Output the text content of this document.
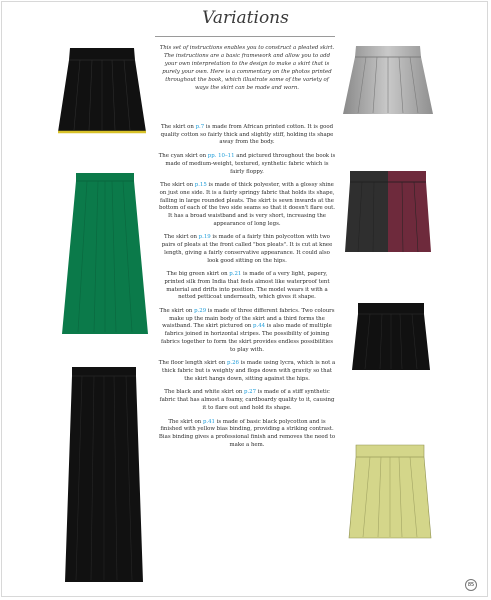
Variations
This set of instructions enables you to construct a pleated skirt. The instructions are a basic framework and allow you to add your own interpretation to the design to make a skirt that is purely your own. Here is a commentary on the photos printed throughout the book, which illustrate some of the variety of ways the skirt can be made and worn.

The skirt on p.7 is made from African printed cotton. It is good quality cotton so fairly thick and slightly stiff, holding its shape away from the body.

The cyan skirt on pp. 10–11 and pictured throughout the book is made of medium-weight, textured, synthetic fabric which is fairly floppy.

The skirt on p.15 is made of thick polyester, with a glossy shine on just one side. It is a fairly springy fabric that holds its shape, falling in large rounded pleats. The skirt is sewn inwards at the bottom of each of the two side seams so that it doesn't flare out. It has a broad waistband and is very short, increasing the appearance of long legs.

The skirt on p.19 is made of a fairly thin polycotton with two pairs of pleats at the front called "box pleats". It is cut at knee length, giving a fairly conservative appearance. It could also look good sitting on the hips.

The big green skirt on p.21 is made of a very light, papery, printed silk from India that feels almost like waterproof tent material and drifts into position. The model wears it with a netted petticoat underneath, which gives it shape.

The skirt on p.29 is made of three different fabrics. Two colours make up the main body of the skirt and a third forms the waistband. The skirt pictured on p.44 is also made of multiple fabrics joined in horizontal stripes. The possibility of joining fabrics together to form the skirt provides endless possibilities to play with.

The floor length skirt on p.26 is made using lycra, which is not a thick fabric but is weighty and flops down with gravity so that the skirt hangs down, sitting against the hips.

The black and white skirt on p.27 is made of a stiff synthetic fabric that has almost a foamy, cardboardy quality to it, causing it to flare out and hold its shape.

The skirt on p.41 is made of basic black polycotton and is finished with yellow bias binding, providing a striking contrast. Bias binding gives a professional finish and removes the need to make a hem.

85
